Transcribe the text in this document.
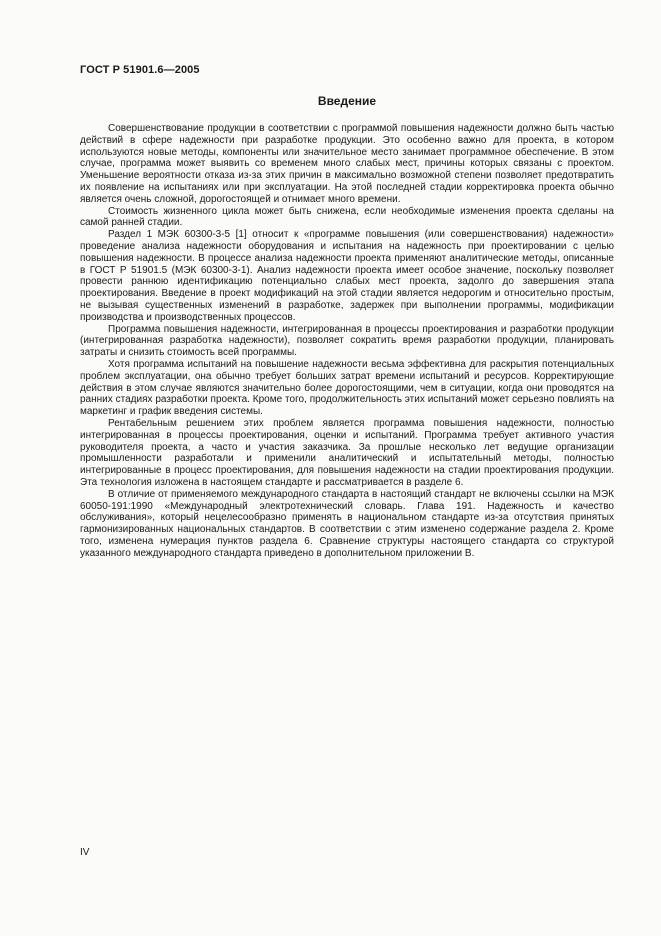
ГОСТ Р 51901.6—2005
Введение

Совершенствование продукции в соответствии с программой повышения надежности должно быть частью действий в сфере надежности при разработке продукции. Это особенно важно для проекта, в котором используются новые методы, компоненты или значительное место занимает программное обеспечение. В этом случае, программа может выявить со временем много слабых мест, причины которых связаны с проектом. Уменьшение вероятности отказа из-за этих причин в максимально возможной степени позволяет предотвратить их появление на испытаниях или при эксплуатации. На этой последней стадии корректировка проекта обычно является очень сложной, дорогостоящей и отнимает много времени.

Стоимость жизненного цикла может быть снижена, если необходимые изменения проекта сделаны на самой ранней стадии.

Раздел 1 МЭК 60300-3-5 [1] относит к «программе повышения (или совершенствования) надежности» проведение анализа надежности оборудования и испытания на надежность при проектировании с целью повышения надежности. В процессе анализа надежности проекта применяют аналитические методы, описанные в ГОСТ Р 51901.5 (МЭК 60300-3-1). Анализ надежности проекта имеет особое значение, поскольку позволяет провести раннюю идентификацию потенциально слабых мест проекта, задолго до завершения этапа проектирования. Введение в проект модификаций на этой стадии является недорогим и относительно простым, не вызывая существенных изменений в разработке, задержек при выполнении программы, модификации производства и производственных процессов.

Программа повышения надежности, интегрированная в процессы проектирования и разработки продукции (интегрированная разработка надежности), позволяет сократить время разработки продукции, планировать затраты и снизить стоимость всей программы.

Хотя программа испытаний на повышение надежности весьма эффективна для раскрытия потенциальных проблем эксплуатации, она обычно требует больших затрат времени испытаний и ресурсов. Корректирующие действия в этом случае являются значительно более дорогостоящими, чем в ситуации, когда они проводятся на ранних стадиях разработки проекта. Кроме того, продолжительность этих испытаний может серьезно повлиять на маркетинг и график введения системы.

Рентабельным решением этих проблем является программа повышения надежности, полностью интегрированная в процессы проектирования, оценки и испытаний. Программа требует активного участия руководителя проекта, а часто и участия заказчика. За прошлые несколько лет ведущие организации промышленности разработали и применили аналитический и испытательный методы, полностью интегрированные в процесс проектирования, для повышения надежности на стадии проектирования продукции. Эта технология изложена в настоящем стандарте и рассматривается в разделе 6.

В отличие от применяемого международного стандарта в настоящий стандарт не включены ссылки на МЭК 60050-191:1990 «Международный электротехнический словарь. Глава 191. Надежность и качество обслуживания», который нецелесообразно применять в национальном стандарте из-за отсутствия принятых гармонизированных национальных стандартов. В соответствии с этим изменено содержание раздела 2. Кроме того, изменена нумерация пунктов раздела 6. Сравнение структуры настоящего стандарта со структурой указанного международного стандарта приведено в дополнительном приложении В.

IV
